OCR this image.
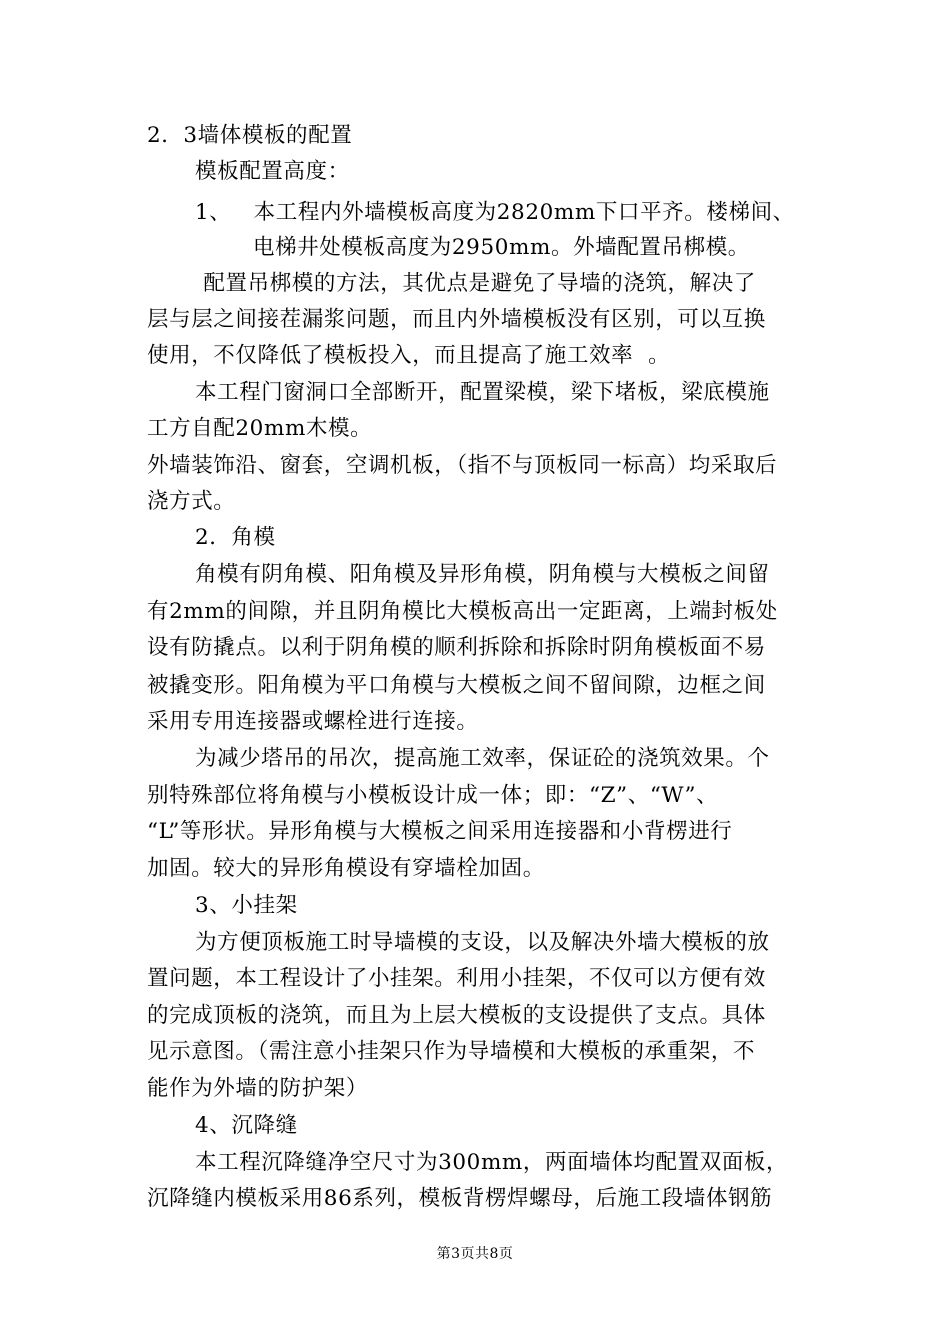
2．3墙体模板的配置
模板配置高度：
1、   本工程内外墙模板高度为2820mm下口平齐。楼梯间、
电梯井处模板高度为2950mm。外墙配置吊梆模。
配置吊梆模的方法，其优点是避免了导墙的浇筑，解决了
层与层之间接茬漏浆问题，而且内外墙模板没有区别，可以互换
使用，不仅降低了模板投入，而且提高了施工效率  。
本工程门窗洞口全部断开，配置梁模，梁下堵板，梁底模施
工方自配20mm木模。
外墙装饰沿、窗套，空调机板，（指不与顶板同一标高）均采取后
浇方式。
2．角模
角模有阴角模、阳角模及异形角模，阴角模与大模板之间留
有2mm的间隙，并且阴角模比大模板高出一定距离，上端封板处
设有防撬点。以利于阴角模的顺利拆除和拆除时阴角模板面不易
被撬变形。阳角模为平口角模与大模板之间不留间隙，边框之间
采用专用连接器或螺栓进行连接。
为减少塔吊的吊次，提高施工效率，保证砼的浇筑效果。个
别特殊部位将角模与小模板设计成一体；即：“Z”、“W”、
“L”等形状。异形角模与大模板之间采用连接器和小背楞进行
加固。较大的异形角模设有穿墙栓加固。
3、小挂架
为方便顶板施工时导墙模的支设，以及解决外墙大模板的放
置问题，本工程设计了小挂架。利用小挂架，不仅可以方便有效
的完成顶板的浇筑，而且为上层大模板的支设提供了支点。具体
见示意图。（需注意小挂架只作为导墙模和大模板的承重架，不
能作为外墙的防护架）
4、沉降缝
本工程沉降缝净空尺寸为300mm，两面墙体均配置双面板，
沉降缝内模板采用86系列，模板背楞焊螺母，后施工段墙体钢筋
第3页共8页
